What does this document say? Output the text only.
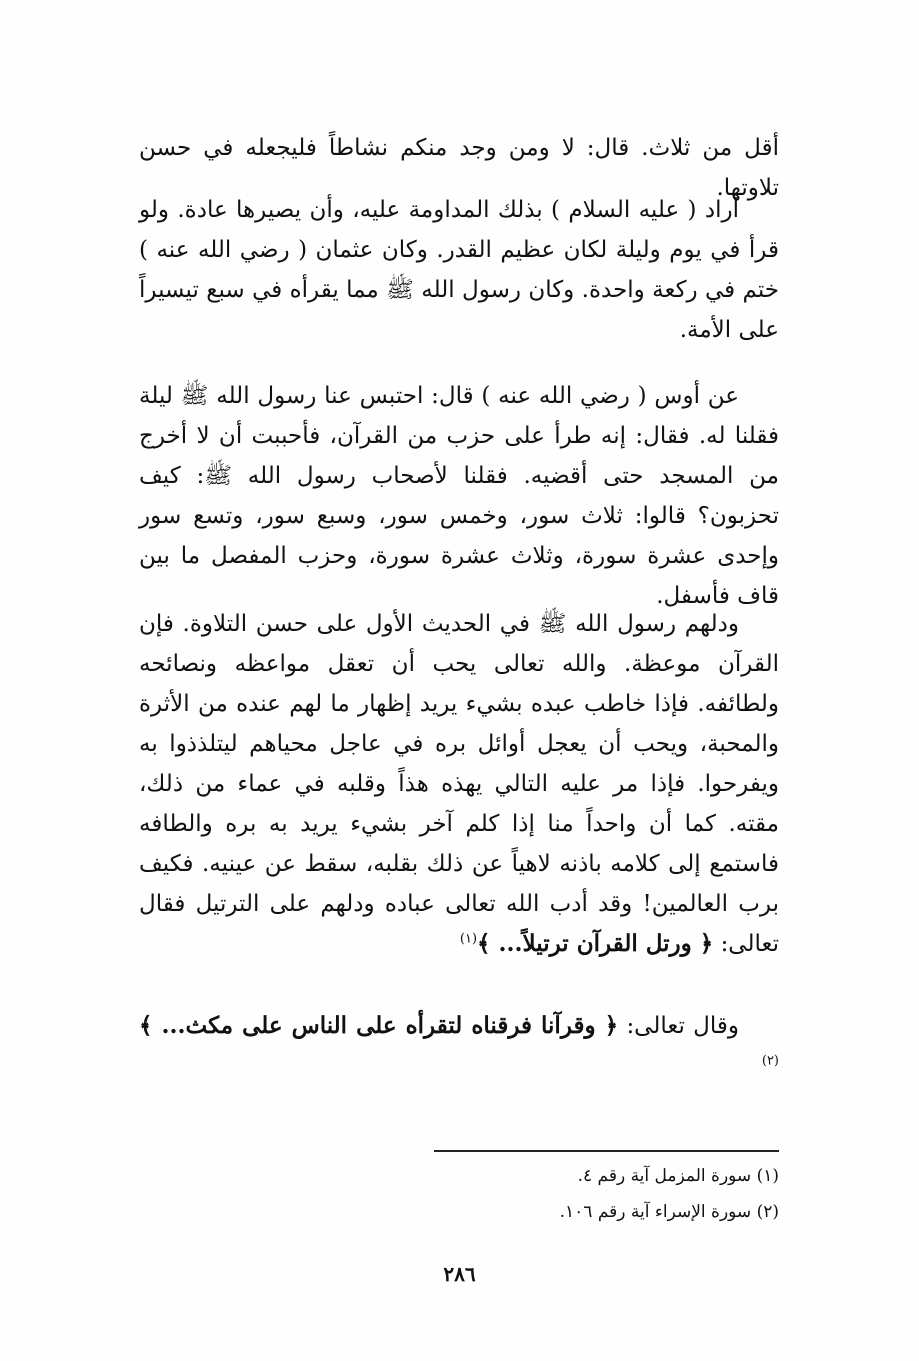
أقل من ثلاث. قال: لا ومن وجد منكم نشاطاً فليجعله في حسن تلاوتها.

أراد ( عليه السلام ) بذلك المداومة عليه، وأن يصيرها عادة. ولو قرأ في يوم وليلة لكان عظيم القدر. وكان عثمان ( رضي الله عنه ) ختم في ركعة واحدة. وكان رسول الله ﷺ مما يقرأه في سبع تيسيراً على الأمة.

عن أوس ( رضي الله عنه ) قال: احتبس عنا رسول الله ﷺ ليلة فقلنا له. فقال: إنه طرأ على حزب من القرآن، فأحببت أن لا أخرج من المسجد حتى أقضيه. فقلنا لأصحاب رسول الله ﷺ: كيف تحزبون؟ قالوا: ثلاث سور، وخمس سور، وسبع سور، وتسع سور وإحدى عشرة سورة، وثلاث عشرة سورة، وحزب المفصل ما بين قاف فأسفل.

ودلهم رسول الله ﷺ في الحديث الأول على حسن التلاوة. فإن القرآن موعظة. والله تعالى يحب أن تعقل مواعظه ونصائحه ولطائفه. فإذا خاطب عبده بشيء يريد إظهار ما لهم عنده من الأثرة والمحبة، ويحب أن يعجل أوائل بره في عاجل محياهم ليتلذذوا به ويفرحوا. فإذا مر عليه التالي يهذه هذاً وقلبه في عماء من ذلك، مقته. كما أن واحداً منا إذا كلم آخر بشيء يريد به بره والطافه فاستمع إلى كلامه باذنه لاهياً عن ذلك بقلبه، سقط عن عينيه. فكيف برب العالمين! وقد أدب الله تعالى عباده ودلهم على الترتيل فقال تعالى: ﴿ ورتل القرآن ترتيلاً... ﴾$^{(١)}$

وقال تعالى: ﴿ وقرآنا فرقناه لتقرأه على الناس على مكث... ﴾$^{(٢)}$

(١) سورة المزمل آية رقم ٤.
(٢) سورة الإسراء آية رقم ١٠٦.
٢٨٦
